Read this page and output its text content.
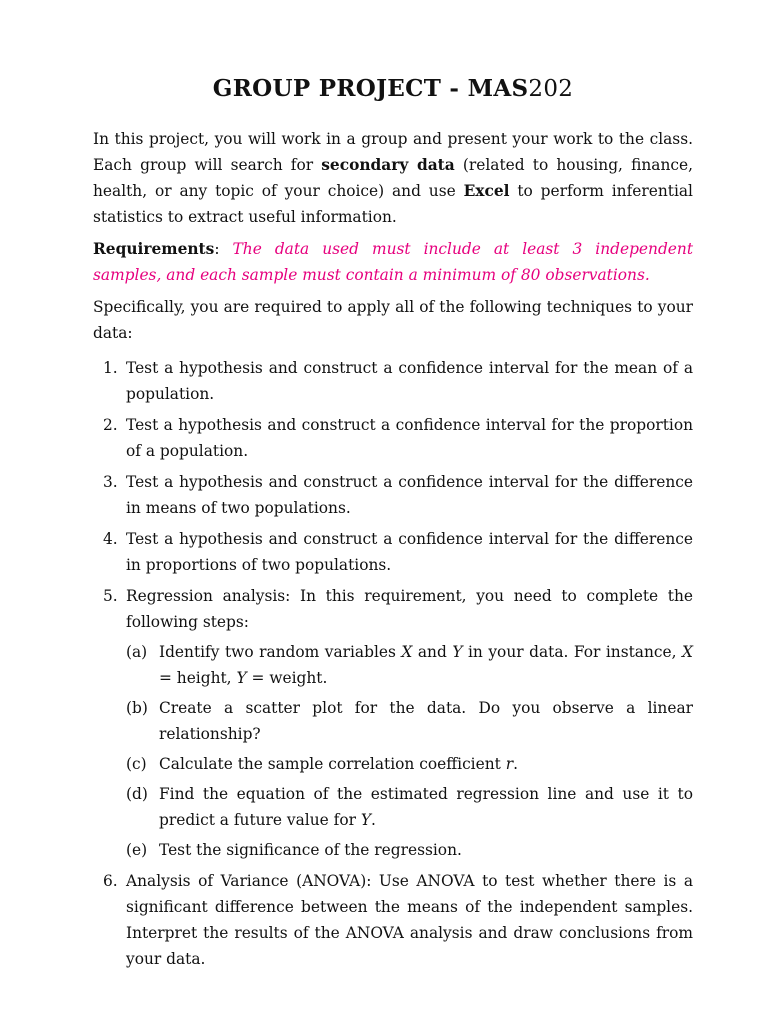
GROUP PROJECT - MAS202

In this project, you will work in a group and present your work to the class. Each group will search for secondary data (related to housing, finance, health, or any topic of your choice) and use Excel to perform inferential statistics to extract useful information.

Requirements: The data used must include at least 3 independent samples, and each sample must contain a minimum of 80 observations.

Specifically, you are required to apply all of the following techniques to your data:

1. Test a hypothesis and construct a confidence interval for the mean of a population.
2. Test a hypothesis and construct a confidence interval for the proportion of a population.
3. Test a hypothesis and construct a confidence interval for the difference in means of two populations.
4. Test a hypothesis and construct a confidence interval for the difference in proportions of two populations.
5. Regression analysis: In this requirement, you need to complete the following steps:
(a) Identify two random variables X and Y in your data. For instance, X = height, Y = weight.
(b) Create a scatter plot for the data. Do you observe a linear relationship?
(c) Calculate the sample correlation coefficient r.
(d) Find the equation of the estimated regression line and use it to predict a future value for Y.
(e) Test the significance of the regression.
6. Analysis of Variance (ANOVA): Use ANOVA to test whether there is a significant difference between the means of the independent samples. Interpret the results of the ANOVA analysis and draw conclusions from your data.
